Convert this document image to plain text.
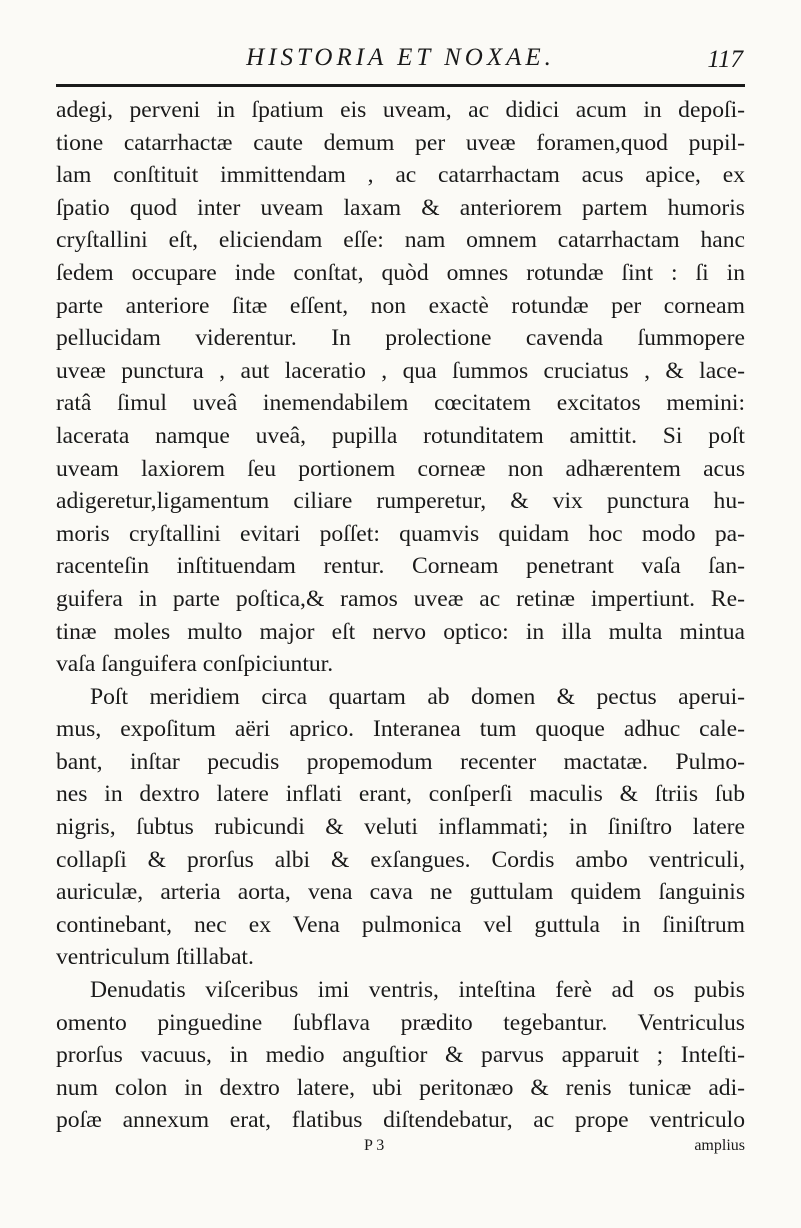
HISTORIA ET NOXAE.	117
adegi, perveni in ſpatium eis uveam, ac didici acum in depoſi-
tione catarrhactæ caute demum per uveæ foramen,quod pupil-
lam conſtituit immittendam , ac catarrhactam acus apice, ex
ſpatio quod inter uveam laxam & anteriorem partem humoris
cryſtallini eſt, eliciendam eſſe: nam omnem catarrhactam hanc
ſedem occupare inde conſtat, quòd omnes rotundæ ſint : ſi in
parte anteriore ſitæ eſſent, non exactè rotundæ per corneam
pellucidam viderentur. In prolectione cavenda ſummopere
uveæ punctura , aut laceratio , qua ſummos cruciatus , & lace-
ratâ ſimul uveâ inemendabilem cœcitatem excitatos memini:
lacerata namque uveâ, pupilla rotunditatem amittit. Si poſt
uveam laxiorem ſeu portionem corneæ non adhærentem acus
adigeretur,ligamentum ciliare rumperetur, & vix punctura hu-
moris cryſtallini evitari poſſet: quamvis quidam hoc modo pa-
racenteſin inſtituendam rentur. Corneam penetrant vaſa ſan-
guifera in parte poſtica,& ramos uveæ ac retinæ impertiunt. Re-
tinæ moles multo major eſt nervo optico: in illa multa mintua
vaſa ſanguifera conſpiciuntur.
Poſt meridiem circa quartam ab domen & pectus aperui-
mus, expoſitum aëri aprico. Interanea tum quoque adhuc cale-
bant, inſtar pecudis propemodum recenter mactatæ. Pulmo-
nes in dextro latere inflati erant, conſperſi maculis & ſtriis ſub
nigris, ſubtus rubicundi & veluti inflammati; in ſiniſtro latere
collapſi & prorſus albi & exſangues. Cordis ambo ventriculi,
auriculæ, arteria aorta, vena cava ne guttulam quidem ſanguinis
continebant, nec ex Vena pulmonica vel guttula in ſiniſtrum
ventriculum ſtillabat.
Denudatis viſceribus imi ventris, inteſtina ferè ad os pubis
omento pinguedine ſubflava prædito tegebantur. Ventriculus
prorſus vacuus, in medio anguſtior & parvus apparuit ; Inteſti-
num colon in dextro latere, ubi peritonæo & renis tunicæ adi-
poſæ annexum erat, flatibus diſtendebatur, ac prope ventriculo
P 3	amplius
